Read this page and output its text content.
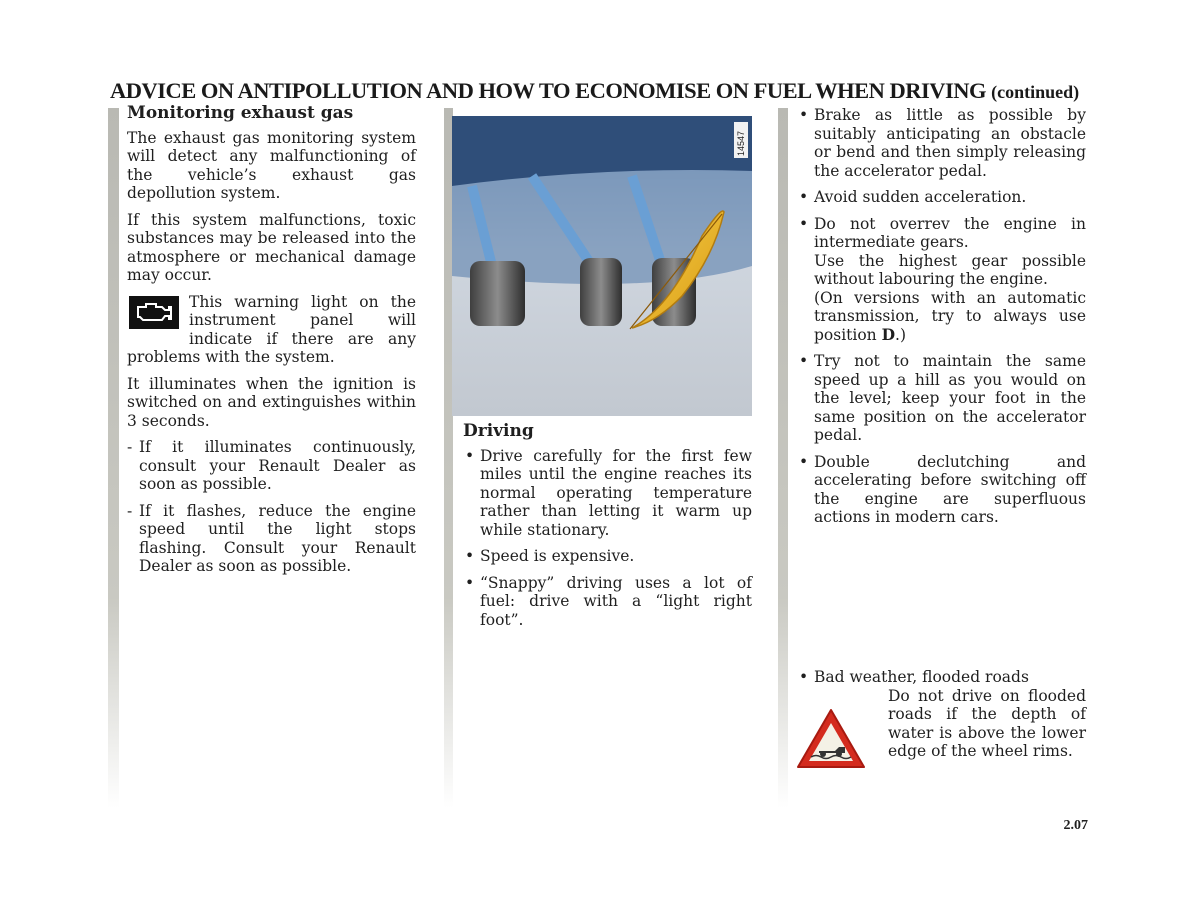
ADVICE ON ANTIPOLLUTION AND HOW TO ECONOMISE ON FUEL WHEN DRIVING (continued)
Monitoring exhaust gas

The exhaust gas monitoring system will detect any malfunctioning of the vehicle’s exhaust gas depollution system.

If this system malfunctions, toxic substances may be released into the atmosphere or mechanical damage may occur.

This warning light on the instrument panel will indicate if there are any problems with the system.

It illuminates when the ignition is switched on and extinguishes within 3 seconds.

- If it illuminates continuously, consult your Renault Dealer as soon as possible.
- If it flashes, reduce the engine speed until the light stops flashing. Consult your Renault Dealer as soon as possible.
14547
Driving
• Drive carefully for the first few miles until the engine reaches its normal operating temperature rather than letting it warm up while stationary.
• Speed is expensive.
• “Snappy” driving uses a lot of fuel: drive with a “light right foot”.
• Brake as little as possible by suitably anticipating an obstacle or bend and then simply releasing the accelerator pedal.
• Avoid sudden acceleration.
• Do not overrev the engine in intermediate gears.
Use the highest gear possible without labouring the engine.
(On versions with an automatic transmission, try to always use position D.)
• Try not to maintain the same speed up a hill as you would on the level; keep your foot in the same position on the accelerator pedal.
• Double declutching and accelerating before switching off the engine are superfluous actions in modern cars.
• Bad weather, flooded roads
Do not drive on flooded roads if the depth of water is above the lower edge of the wheel rims.
2.07
